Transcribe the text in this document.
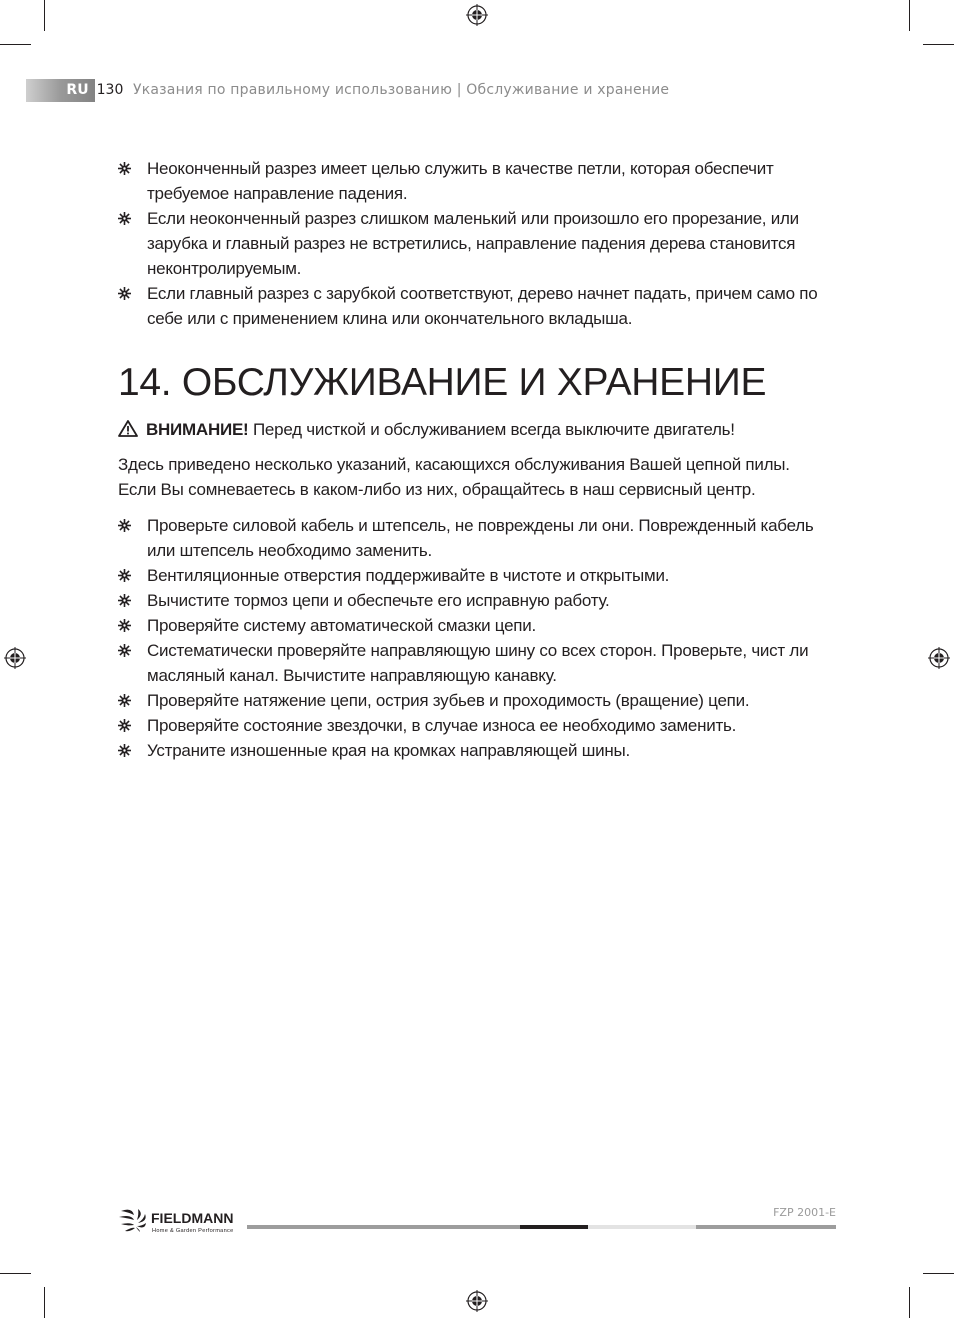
RU 130 Указания по правильному использованию | Обслуживание и хранение
Неоконченный разрез имеет целью служить в качестве петли, которая обеспечит требуемое направление падения.
Если неоконченный разрез слишком маленький или произошло его прорезание, или зарубка и главный разрез не встретились, направление падения дерева становится неконтролируемым.
Если главный разрез с зарубкой соответствуют, дерево начнет падать, причем само по себе или с применением клина или окончательного вкладыша.
14. ОБСЛУЖИВАНИЕ И ХРАНЕНИЕ
ВНИМАНИЕ! Перед чисткой и обслуживанием всегда выключите двигатель!
Здесь приведено несколько указаний, касающихся обслуживания Вашей цепной пилы.
Если Вы сомневаетесь в каком-либо из них, обращайтесь в наш сервисный центр.
Проверьте силовой кабель и штепсель, не повреждены ли они. Поврежденный кабель или штепсель необходимо заменить.
Вентиляционные отверстия поддерживайте в чистоте и открытыми.
Вычистите тормоз цепи и обеспечьте его исправную работу.
Проверяйте систему автоматической смазки цепи.
Систематически проверяйте направляющую шину со всех сторон. Проверьте, чист ли масляный канал. Вычистите направляющую канавку.
Проверяйте натяжение цепи, острия зубьев и проходимость (вращение) цепи.
Проверяйте состояние звездочки, в случае износа ее необходимо заменить.
Устраните изношенные края на кромках направляющей шины.
FIELDMANN
Home & Garden Performance
FZP 2001-E
